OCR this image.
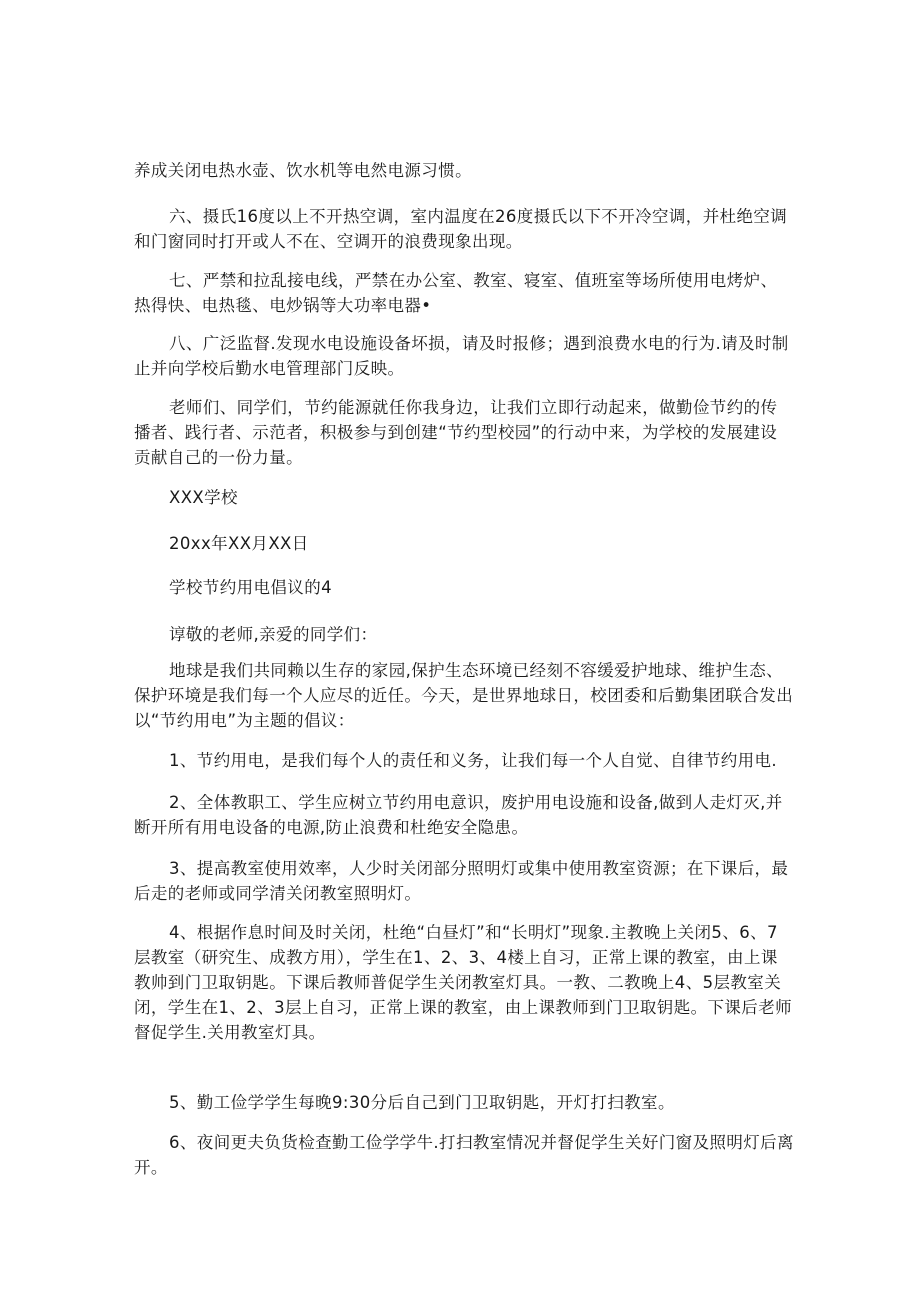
养成关闭电热水壶、饮水机等电然电源习惯。

六、摄氏16度以上不开热空调，室内温度在26度摄氏以下不开冷空调，并杜绝空调和门窗同时打开或人不在、空调开的浪费现象出现。

七、严禁和拉乱接电线，严禁在办公室、教室、寝室、值班室等场所使用电烤炉、热得快、电热毯、电炒锅等大功率电器•

八、广泛监督.发现水电设施设备坏损，请及时报修；遇到浪费水电的行为.请及时制止并向学校后勤水电管理部门反映。

老师们、同学们，节约能源就任你我身边，让我们立即行动起来，做勤俭节约的传播者、践行者、示范者，积极参与到创建“节约型校园”的行动中来，为学校的发展建设贡献自己的一份力量。

XXX学校

20xx年XX月XX日

学校节约用电倡议的4

谆敬的老师,亲爱的同学们：

地球是我们共同赖以生存的家园,保护生态环境已经刻不容缓爱护地球、维护生态、保护环境是我们每一个人应尽的近任。今天，是世界地球日，校团委和后勤集团联合发出以“节约用电”为主题的倡议：

1、节约用电，是我们每个人的责任和义务，让我们每一个人自觉、自律节约用电.

2、全体教职工、学生应树立节约用电意识，废护用电设施和设备,做到人走灯灭,并断开所有用电设备的电源,防止浪费和杜绝安全隐患。

3、提高教室使用效率，人少时关闭部分照明灯或集中使用教室资源；在下课后，最后走的老师或同学清关闭教室照明灯。

4、根据作息时间及时关闭，杜绝“白昼灯”和“长明灯”现象.主教晚上关闭5、6、7层教室（研究生、成教方用），学生在1、2、3、4楼上自习，正常上课的教室，由上课教帅到门卫取钥匙。下课后教师普促学生关闭教室灯具。一教、二教晚上4、5层教室关闭，学生在1、2、3层上自习，正常上课的教室，由上课教师到门卫取钥匙。下课后老师督促学生.关用教室灯具。

5、勤工俭学学生每晚9:30分后自己到门卫取钥匙，开灯打扫教室。

6、夜间更夫负货检查勤工俭学学牛.打扫教室情况并督促学生关好门窗及照明灯后离开。
